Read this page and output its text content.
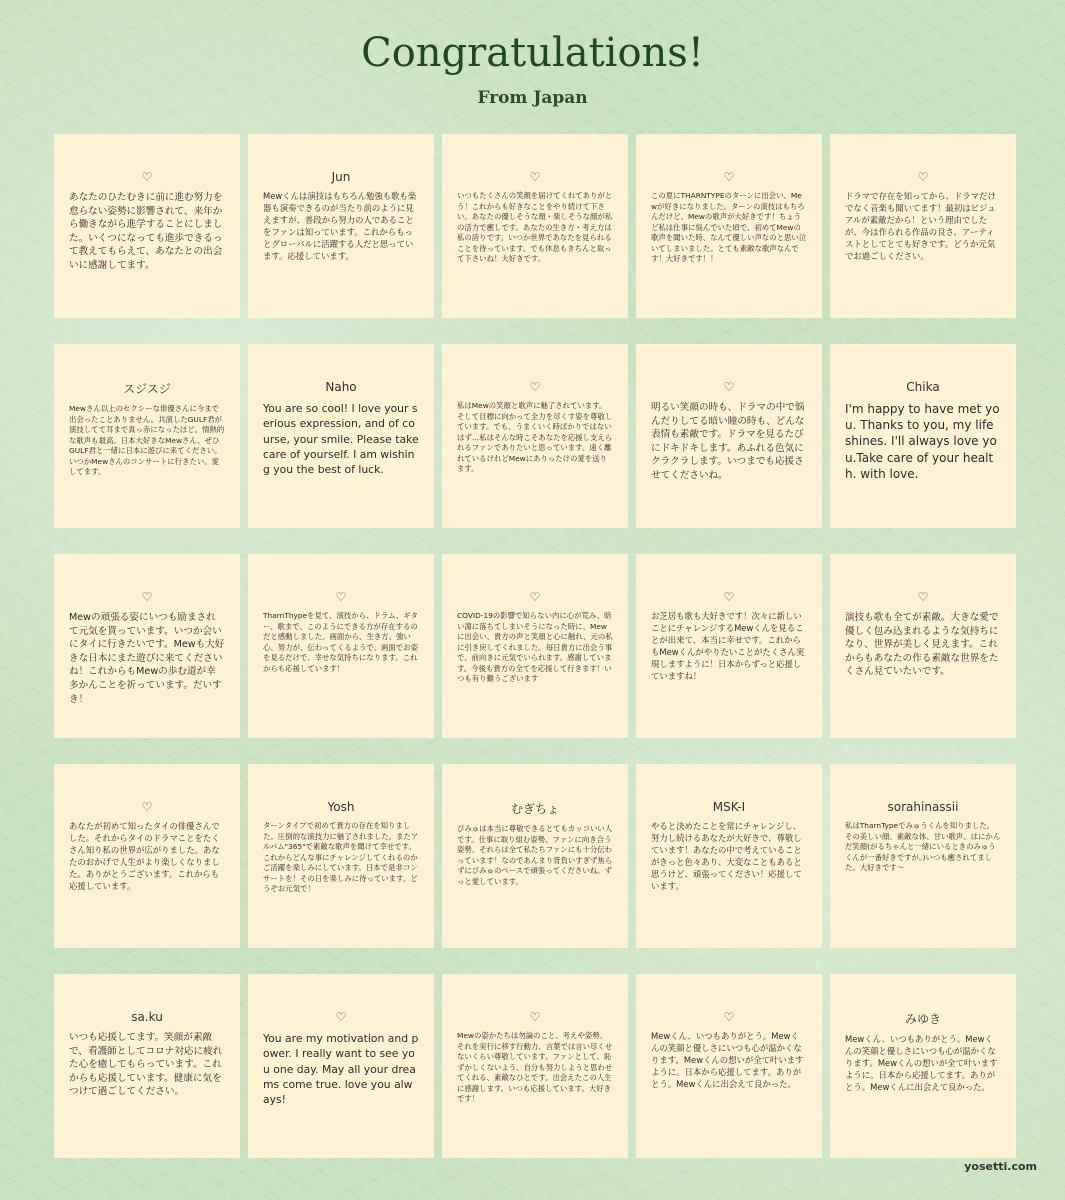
Congratulations!
From Japan
♡

あなたのひたむきに前に進む努力を怠らない姿勢に影響されて、来年から働きながら進学することにしました。いくつになっても進歩できるって教えてもらえて、あなたとの出会いに感謝してます。

Jun

Mewくんは演技はもちろん勉強も歌も楽器も演奏できるのが当たり前のように見えますが、普段から努力の人であることをファンは知っています。これからもっとグローバルに活躍する人だと思っています。応援しています。

♡

いつもたくさんの笑顔を届けてくれてありがとう！これからも好きなことをやり続けて下さい。あなたの優しそうな顔・楽しそうな顔が私の活力で癒しです。あなたの生き方・考え方は私の誇りです。いつか世界であなたを見られることを待っています。でも休息もきちんと取って下さいね！大好きです。

♡

この夏にTHARNTYPEのターンに出会い、Mewが好きになりました。ターンの演技はもちろんだけど、Mewの歌声が大好きです！ちょうど私は仕事に悩んでいた頃で、初めてMewの歌声を聞いた時、なんて優しい声なのと思い泣いてしまいました。とても素敵な歌声なんです！大好きです！！

♡

ドラマで存在を知ってから、ドラマだけでなく音楽も聞いてます！最初はビジュアルが素敵だから！という理由でしたが、今は作られる作品の良さ、アーティストとしてとても好きです。どうか元気でお過ごしください。

スジスジ

Mewさん以上のセクシーな俳優さんに今まで出会ったことありません。共演したGULF君が演技してて耳まで真っ赤になったほど。情熱的な歌声も最高。日本大好きなMewさん、ぜひGULF君と一緒に日本に遊びに来てください。いつかMewさんのコンサートに行きたい。愛してます。

Naho

You are so cool! I love your serious expression, and of course, your smile. Please take care of yourself. I am wishing you the best of luck.

♡

私はMewの笑顔と歌声に魅了されています。そして目標に向かって全力を尽くす姿を尊敬しています。でも、うまくいく時ばかりではないはず…私はそんな時こそあなたを応援し支えられるファンでありたいと思っています。遠く離れているけれどMewにありったけの愛を送ります。

♡

明るい笑顔の時も、ドラマの中で悩んだりしてる暗い瞳の時も、どんな表情も素敵です。ドラマを見るたびにドキドキします。あふれる色気にクラクラします。いつまでも応援させてくださいね。

Chika

I'm happy to have met you. Thanks to you, my life shines. I'll always love you.Take care of your health. with love.

♡

Mewの頑張る姿にいつも励まされて元気を貰っています。いつか会いにタイに行きたいです。Mewも大好きな日本にまた遊びに来てくださいね！これからもMewの歩む道が幸多かんことを祈っています。だいすき！

♡

TharnThypeを見て、演技から、ドラム、ギター、歌まで、このようにできる方が存在するのだと感動しました。画面から、生き方、強い心、努力が、伝わってくるようで、画面でお姿を見るだけで、幸せな気持ちになります。これからも応援しています！

♡

COVID-19の影響で知らない内に心が荒み、暗い淵に落ちてしまいそうになった時に、Mewに出会い、貴方の声と笑顔と心に触れ、元の私に引き戻してくれました。毎日貴方に出会う事で、前向きに元気でいられます。感謝しています。今後も貴方の全てを応援して行きます！いつも有り難うございます

♡

お芝居も歌も大好きです！次々に新しいことにチャレンジするMewくんを見ることが出来て、本当に幸せです。これからもMewくんがやりたいことがたくさん実現しますように！日本からずっと応援していますね！

♡

演技も歌も全てが素敵。大きな愛で優しく包み込まれるような気持ちになり、世界が美しく見えます。これからもあなたの作る素敵な世界をたくさん見ていたいです。

♡

あなたが初めて知ったタイの俳優さんでした。それからタイのドラマことをたくさん知り私の世界が広がりました。あなたのおかげで人生がより楽しくなりました。ありがとうございます。これからも応援しています。

Yosh

ターンタイプで初めて貴方の存在を知りました。圧倒的な演技力に魅了されました。またアルバム"365"で素敵な歌声を聞けて幸せです。これからどんな事にチャレンジしてくれるのかご活躍を楽しみにしています。日本で是非コンサートを！その日を楽しみに待っています。どうぞお元気で！

むぎちょ

ぴみゅは本当に尊敬できるとてもカッコいい人です。仕事に取り組む姿勢、ファンに向き合う姿勢、それらは全て私たちファンにも十分伝わっています！なのであんまり背負いすぎず焦らずにぴみゅのペースで頑張ってくださいね。ずっと愛しています。

MSK-I

やると決めたことを常にチャレンジし、努力し続けるあなたが大好きで、尊敬しています！あなたの中で考えていることがきっと色々あり、大変なこともあると思うけど、頑張ってください！応援しています。

sorahinassii

私はTharnTypeでみゅうくんを知りました。その美しい顔、素敵な体、甘い歌声、はにかんだ笑顔(がるちゃんと一緒にいるときのみゅうくんが一番好きですが。)いつも癒されてました。大好きです〜

sa.ku

いつも応援してます。笑顔が素敵で、看護師としてコロナ対応に疲れた心を癒してもらっています。これからも応援しています。健康に気をつけて過ごしてください。

♡

You are my motivation and power. I really want to see you one day. May all your dreams come true. love you always!

♡

Mewの姿かたちは勿論のこと、考えや姿勢、それを実行に移す行動力、言葉では言い尽くせないくらい尊敬しています。ファンとして、恥ずかしくないよう、自分も努力しようと思わせてくれる、素敵なひとです。出会えたこの人生に感謝します。いつも応援しています。大好きです！

♡

Mewくん、いつもありがとう。Mewくんの笑顔と優しさにいつも心が温かくなります。Mewくんの想いが全て叶いますように。日本から応援してます。ありがとう。Mewくんに出会えて良かった。

みゆき

Mewくん、いつもありがとう。Mewくんの笑顔と優しさにいつも心が温かくなります。Mewくんの想いが全て叶いますように。日本から応援してます。ありがとう。Mewくんに出会えて良かった。

yosetti.com
